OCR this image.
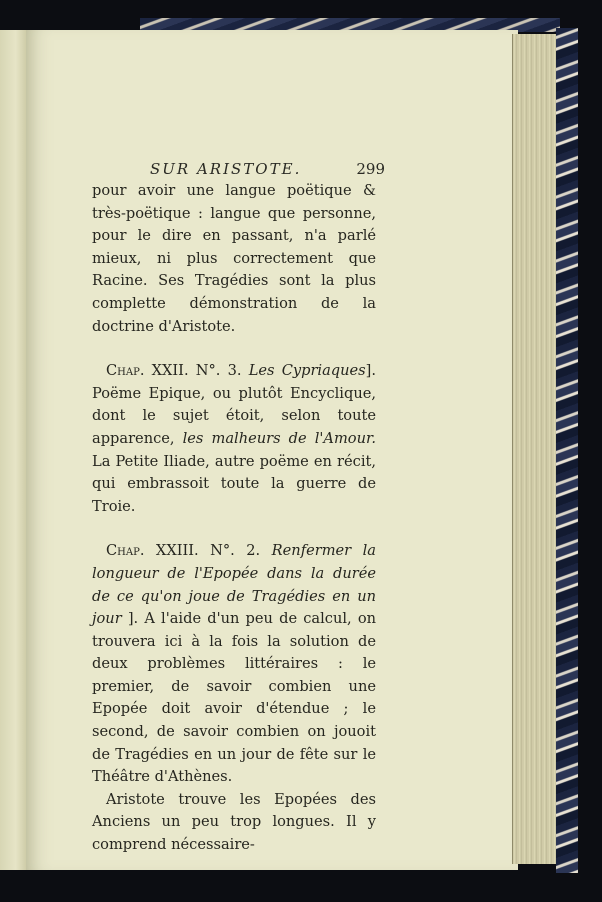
SUR ARISTOTE.	299

pour avoir une langue poëtique & très-poëtique : langue que personne, pour le dire en passant, n'a parlé mieux, ni plus correctement que Racine. Ses Tragédies sont la plus complette démonstration de la doctrine d'Aristote.

Chap. XXII. N°. 3. Les Cypriaques]. Poëme Epique, ou plutôt Encyclique, dont le sujet étoit, selon toute apparence, les malheurs de l'Amour. La Petite Iliade, autre poëme en récit, qui embrassoit toute la guerre de Troie.

Chap. XXIII. N°. 2. Renfermer la longueur de l'Epopée dans la durée de ce qu'on joue de Tragédies en un jour ]. A l'aide d'un peu de calcul, on trouvera ici à la fois la solution de deux problèmes littéraires : le premier, de savoir combien une Epopée doit avoir d'étendue ; le second, de savoir combien on jouoit de Tragédies en un jour de fête sur le Théâtre d'Athènes.

Aristote trouve les Epopées des Anciens un peu trop longues. Il y comprend nécessaire-
